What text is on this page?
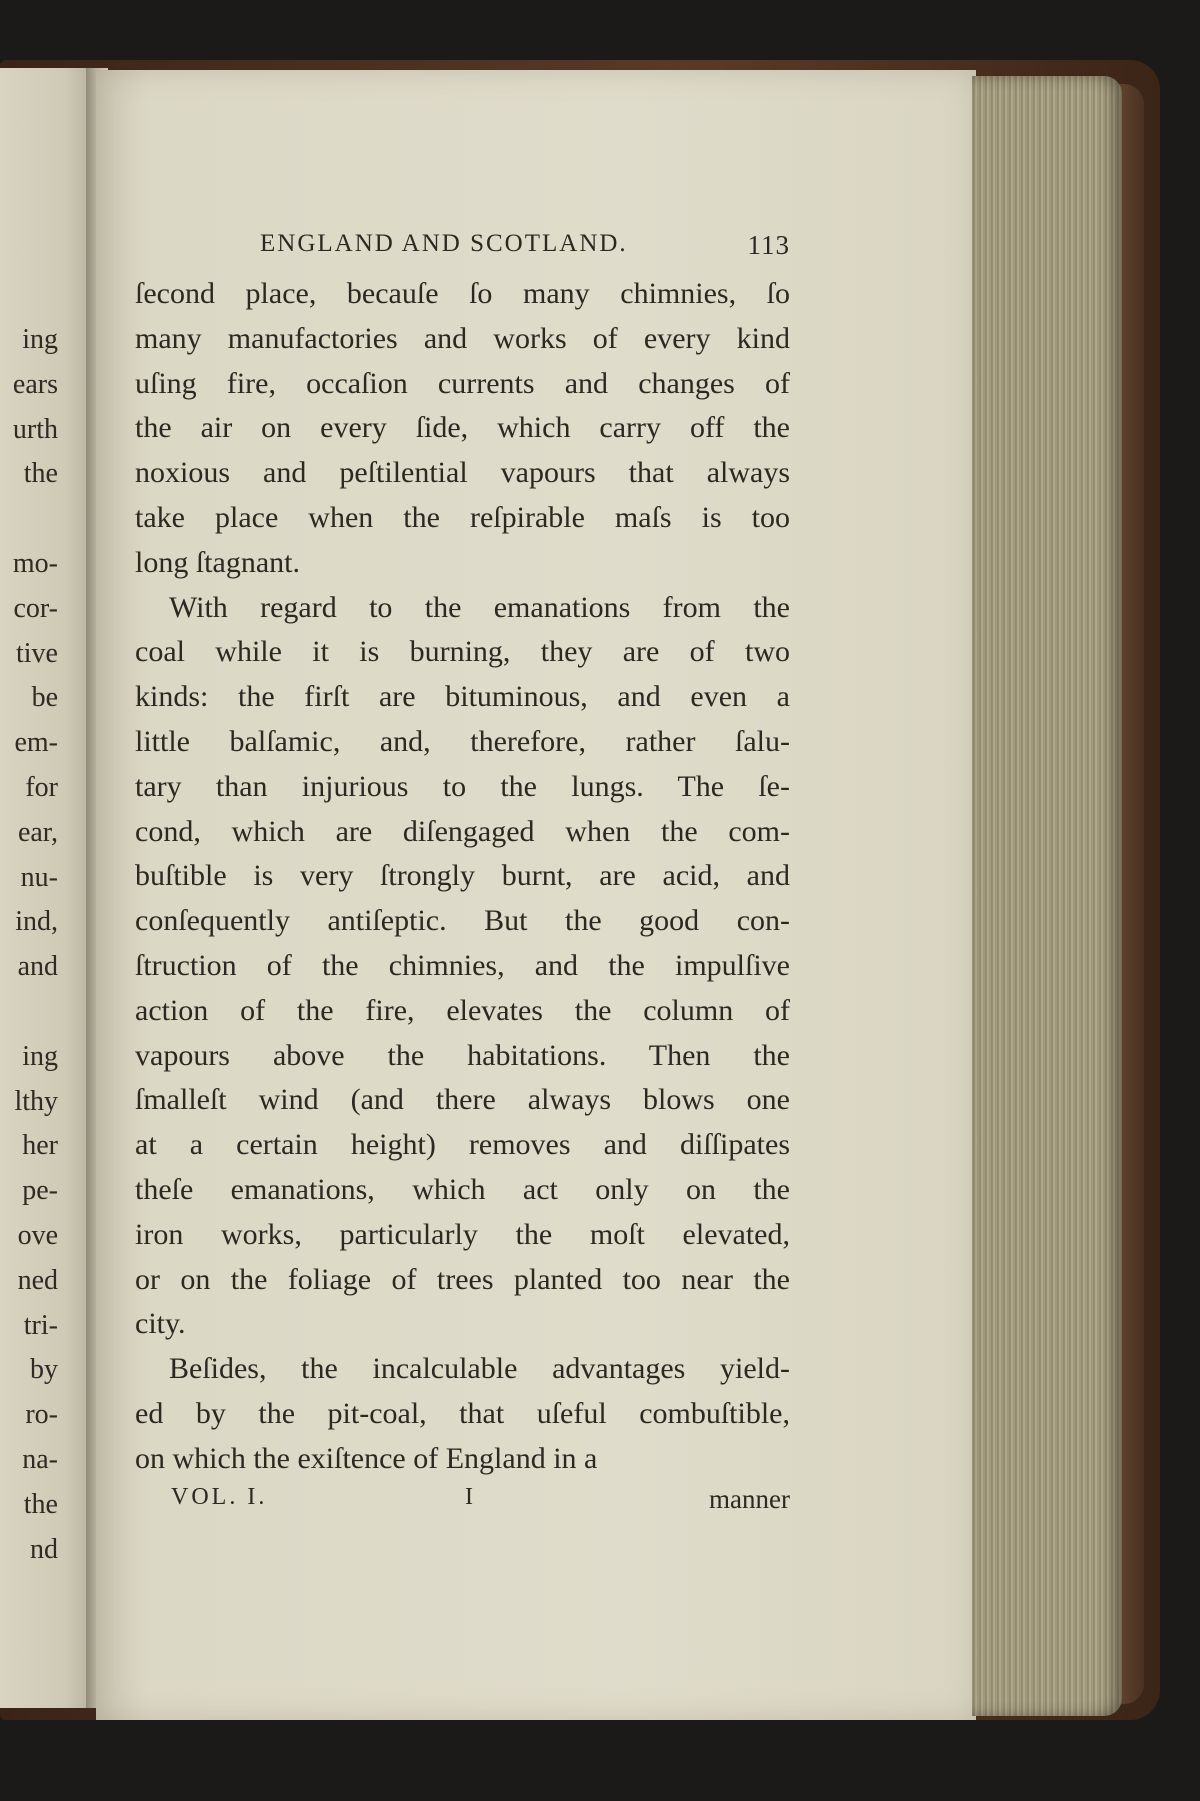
ing
ears
urth
the
mo-
cor-
tive
be
em-
for
ear,
nu-
ind,
and
ing
lthy
her
pe-
ove
ned
tri-
by
ro-
na-
the
nd
ENGLAND AND SCOTLAND.	113
ſecond place, becauſe ſo many chimnies, ſo
many manufactories and works of every kind
uſing fire, occaſion currents and changes of
the air on every ſide, which carry off the
noxious and peſtilential vapours that always
take place when the reſpirable maſs is too
long ſtagnant.
With regard to the emanations from the
coal while it is burning, they are of two
kinds: the firſt are bituminous, and even a
little balſamic, and, therefore, rather ſalu-
tary than injurious to the lungs. The ſe-
cond, which are diſengaged when the com-
buſtible is very ſtrongly burnt, are acid, and
conſequently antiſeptic. But the good con-
ſtruction of the chimnies, and the impulſive
action of the fire, elevates the column of
vapours above the habitations. Then the
ſmalleſt wind (and there always blows one
at a certain height) removes and diſſipates
theſe emanations, which act only on the
iron works, particularly the moſt elevated,
or on the foliage of trees planted too near the
city.
Beſides, the incalculable advantages yield-
ed by the pit-coal, that uſeful combuſtible,
on which the exiſtence of England in a
VOL. I.	I	manner
